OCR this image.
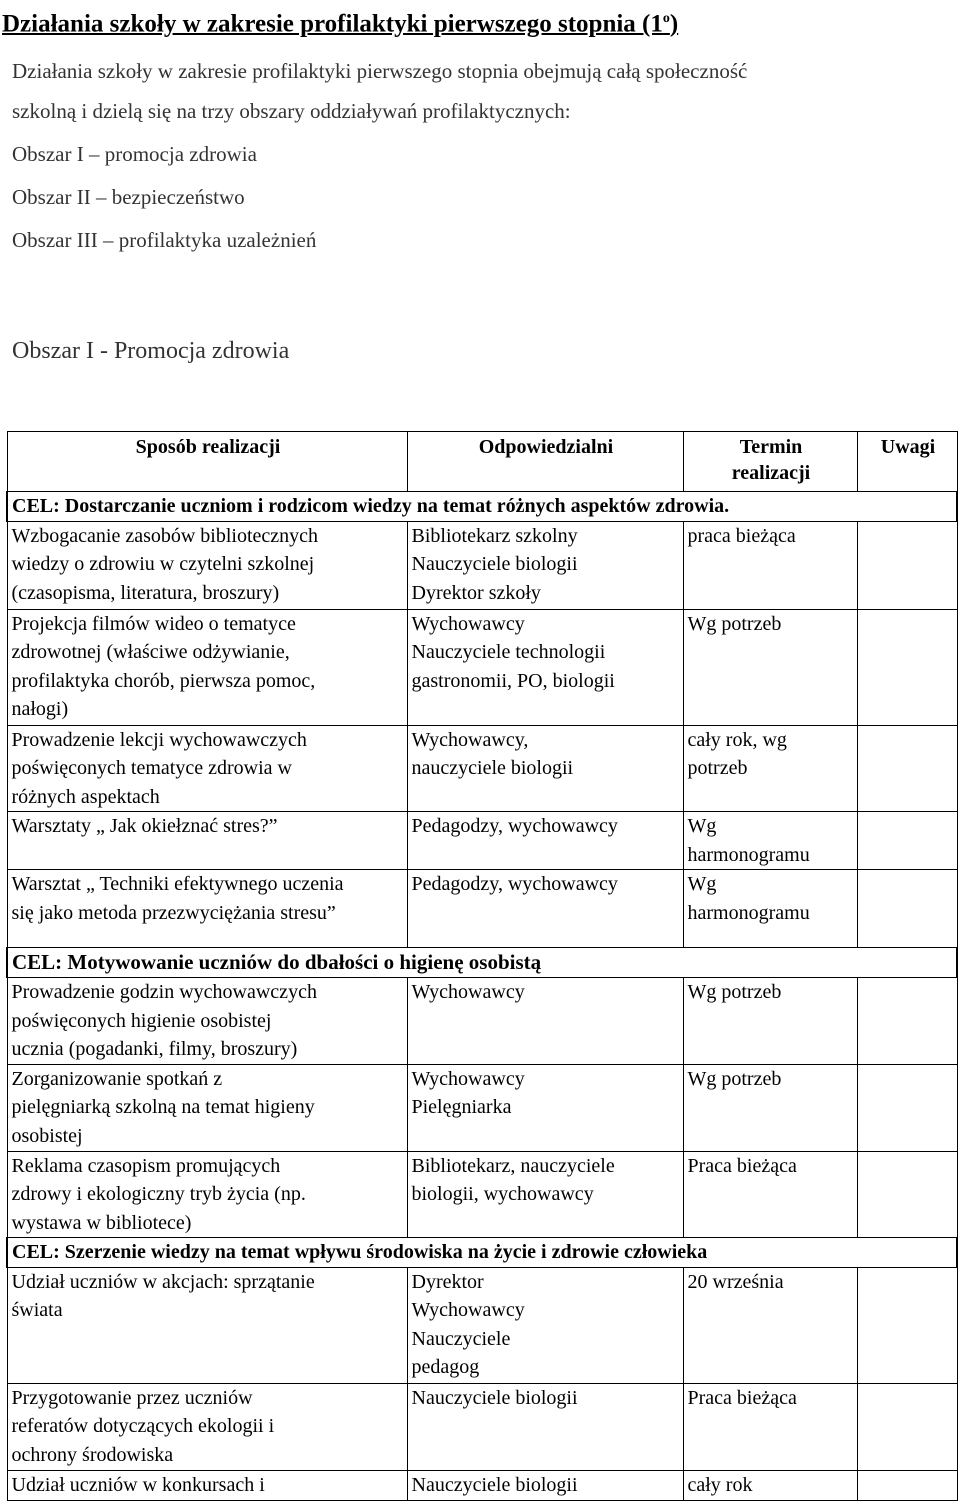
Działania szkoły w zakresie profilaktyki pierwszego stopnia (1$^o$)
Działania szkoły w zakresie profilaktyki pierwszego stopnia obejmują całą społeczność
szkolną i dzielą się na trzy obszary oddziaływań profilaktycznych:
Obszar I – promocja zdrowia
Obszar II – bezpieczeństwo
Obszar III – profilaktyka uzależnień
Obszar I - Promocja zdrowia
Sposób realizacji	Odpowiedzialni	Termin
realizacji	Uwagi

CEL: Dostarczanie uczniom i rodzicom wiedzy na temat różnych aspektów zdrowia.			

Wzbogacanie zasobów bibliotecznych
wiedzy o zdrowiu w czytelni szkolnej
(czasopisma, literatura, broszury)	Bibliotekarz szkolny
Nauczyciele biologii
Dyrektor szkoły	praca bieżąca	

Projekcja filmów wideo o tematyce
zdrowotnej (właściwe odżywianie,
profilaktyka chorób, pierwsza pomoc,
nałogi)	Wychowawcy
Nauczyciele technologii
gastronomii, PO, biologii	Wg potrzeb	

Prowadzenie lekcji wychowawczych
poświęconych tematyce zdrowia w
różnych aspektach	Wychowawcy,
nauczyciele biologii	cały rok, wg
potrzeb	

Warsztaty „ Jak okiełznać stres?”	Pedagodzy, wychowawcy	Wg
harmonogramu	

Warsztat „ Techniki efektywnego uczenia
się jako metoda przezwyciężania stresu”	Pedagodzy, wychowawcy	Wg
harmonogramu	

CEL: Motywowanie uczniów do dbałości o higienę osobistą			

Prowadzenie godzin wychowawczych
poświęconych higienie osobistej
ucznia (pogadanki, filmy, broszury)	Wychowawcy	Wg potrzeb	

Zorganizowanie spotkań z
pielęgniarką szkolną na temat higieny
osobistej	Wychowawcy
Pielęgniarka	Wg potrzeb	

Reklama czasopism promujących
zdrowy i ekologiczny tryb życia (np.
wystawa w bibliotece)	Bibliotekarz, nauczyciele
biologii, wychowawcy	Praca bieżąca	

CEL: Szerzenie wiedzy na temat wpływu środowiska na życie i zdrowie człowieka			

Udział uczniów w akcjach: sprzątanie
świata	Dyrektor
Wychowawcy
Nauczyciele
pedagog	20 września	

Przygotowanie przez uczniów
referatów dotyczących ekologii i
ochrony środowiska	Nauczyciele biologii	Praca bieżąca	

Udział uczniów w konkursach i	Nauczyciele biologii	cały rok	
